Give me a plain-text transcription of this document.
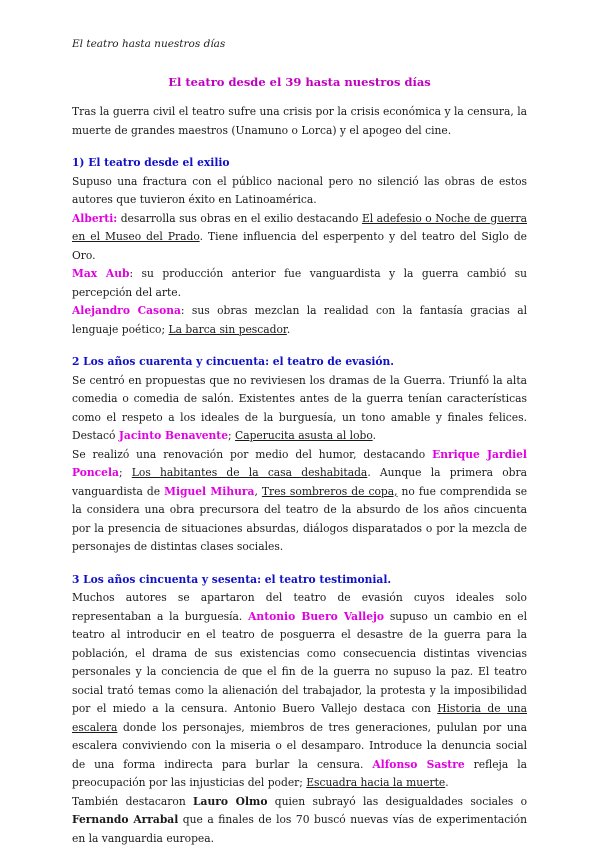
El teatro hasta nuestros días
El teatro desde el 39 hasta nuestros días

Tras la guerra civil el teatro sufre una crisis por la crisis económica y la censura, la muerte de grandes maestros (Unamuno o Lorca) y el apogeo del cine.

1) El teatro desde el exilio

Supuso una fractura con el público nacional pero no silenció las obras de estos autores que tuvieron éxito en Latinoamérica.

Alberti: desarrolla sus obras en el exilio destacando El adefesio o Noche de guerra en el Museo del Prado. Tiene influencia del esperpento y del teatro del Siglo de Oro.

Max Aub: su producción anterior fue vanguardista y la guerra cambió su percepción del arte.

Alejandro Casona: sus obras mezclan la realidad con la fantasía gracias al lenguaje poético; La barca sin pescador.

2 Los años cuarenta y cincuenta: el teatro de evasión.

Se centró en propuestas que no reviviesen los dramas de la Guerra. Triunfó la alta comedia o comedia de salón. Existentes antes de la guerra tenían características como el respeto a los ideales de la burguesía, un tono amable y finales felices. Destacó Jacinto Benavente; Caperucita asusta al lobo.

Se realizó una renovación por medio del humor, destacando Enrique Jardiel Poncela; Los habitantes de la casa deshabitada. Aunque la primera obra vanguardista de Miguel Mihura, Tres sombreros de copa, no fue comprendida se la considera una obra precursora del teatro de la absurdo de los años cincuenta por la presencia de situaciones absurdas, diálogos disparatados o por la mezcla de personajes de distintas clases sociales.

3 Los años cincuenta y sesenta: el teatro testimonial.

Muchos autores se apartaron del teatro de evasión cuyos ideales solo representaban a la burguesía. Antonio Buero Vallejo supuso un cambio en el teatro al introducir en el teatro de posguerra el desastre de la guerra para la población, el drama de sus existencias como consecuencia distintas vivencias personales y la conciencia de que el fin de la guerra no supuso la paz. El teatro social trató temas como la alienación del trabajador, la protesta y la imposibilidad por el miedo a la censura. Antonio Buero Vallejo destaca con Historia de una escalera donde los personajes, miembros de tres generaciones, pululan por una escalera conviviendo con la miseria o el desamparo. Introduce la denuncia social de una forma indirecta para burlar la censura. Alfonso Sastre refleja la preocupación por las injusticias del poder; Escuadra hacia la muerte.

También destacaron Lauro Olmo quien subrayó las desigualdades sociales o Fernando Arrabal que a finales de los 70 buscó nuevas vías de experimentación en la vanguardia europea.
